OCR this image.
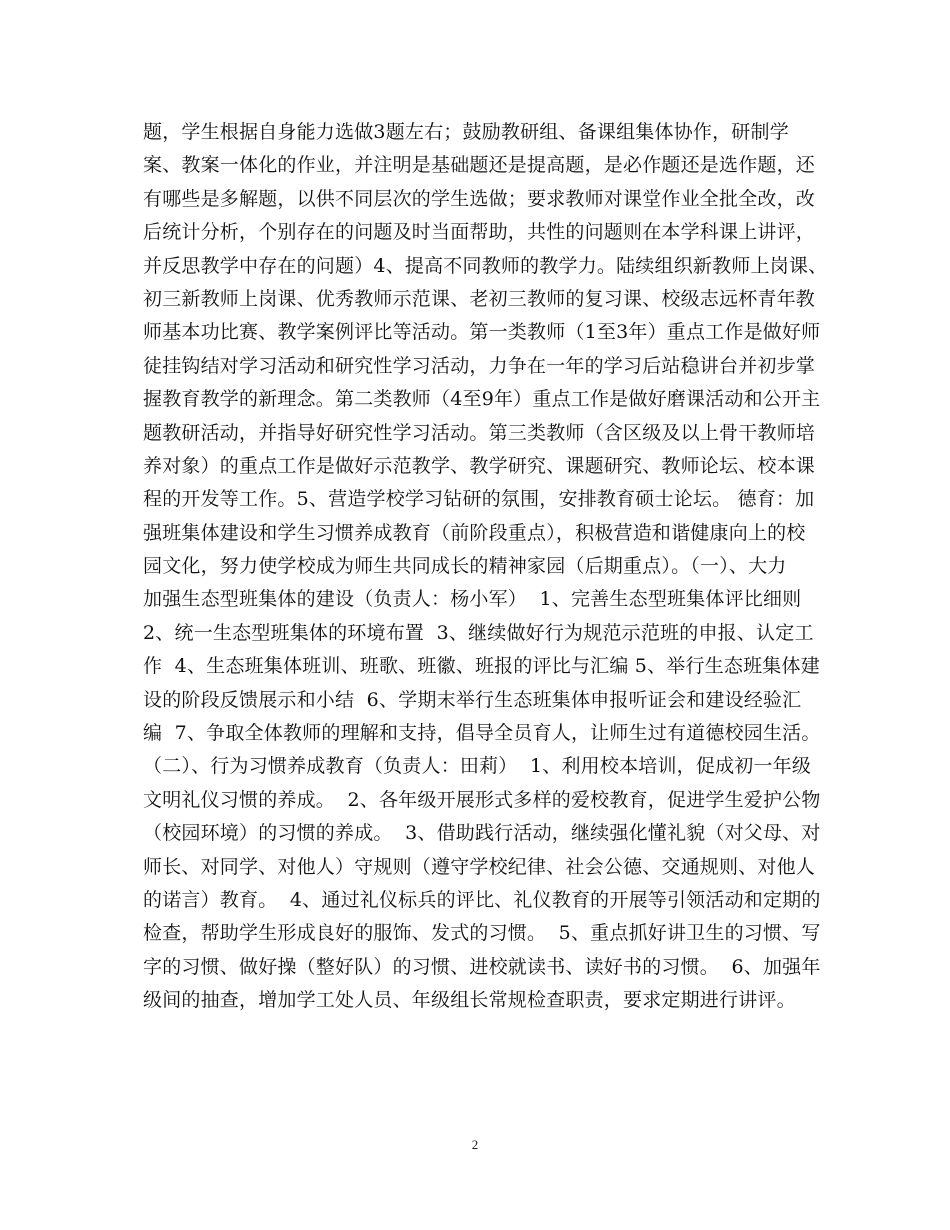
题，学生根据自身能力选做3题左右；鼓励教研组、备课组集体协作，研制学
案、教案一体化的作业，并注明是基础题还是提高题，是必作题还是选作题，还
有哪些是多解题，以供不同层次的学生选做；要求教师对课堂作业全批全改，改
后统计分析，个别存在的问题及时当面帮助，共性的问题则在本学科课上讲评，
并反思教学中存在的问题）4、提高不同教师的教学力。陆续组织新教师上岗课、
初三新教师上岗课、优秀教师示范课、老初三教师的复习课、校级志远杯青年教
师基本功比赛、教学案例评比等活动。第一类教师（1至3年）重点工作是做好师
徒挂钩结对学习活动和研究性学习活动，力争在一年的学习后站稳讲台并初步掌
握教育教学的新理念。第二类教师（4至9年）重点工作是做好磨课活动和公开主
题教研活动，并指导好研究性学习活动。第三类教师（含区级及以上骨干教师培
养对象）的重点工作是做好示范教学、教学研究、课题研究、教师论坛、校本课
程的开发等工作。5、营造学校学习钻研的氛围，安排教育硕士论坛。 德育：加
强班集体建设和学生习惯养成教育（前阶段重点），积极营造和谐健康向上的校
园文化，努力使学校成为师生共同成长的精神家园（后期重点）。（一）、大力
加强生态型班集体的建设（负责人：杨小军）  1、完善生态型班集体评比细则
2、统一生态型班集体的环境布置  3、继续做好行为规范示范班的申报、认定工
作  4、生态班集体班训、班歌、班徽、班报的评比与汇编 5、举行生态班集体建
设的阶段反馈展示和小结  6、学期末举行生态班集体申报听证会和建设经验汇
编  7、争取全体教师的理解和支持，倡导全员育人，让师生过有道德校园生活。
（二）、行为习惯养成教育（负责人：田莉）  1、利用校本培训，促成初一年级
文明礼仪习惯的养成。  2、各年级开展形式多样的爱校教育，促进学生爱护公物
（校园环境）的习惯的养成。  3、借助践行活动，继续强化懂礼貌（对父母、对
师长、对同学、对他人）守规则（遵守学校纪律、社会公德、交通规则、对他人
的诺言）教育。  4、通过礼仪标兵的评比、礼仪教育的开展等引领活动和定期的
检查，帮助学生形成良好的服饰、发式的习惯。  5、重点抓好讲卫生的习惯、写
字的习惯、做好操（整好队）的习惯、进校就读书、读好书的习惯。  6、加强年
级间的抽查，增加学工处人员、年级组长常规检查职责，要求定期进行讲评。
2
